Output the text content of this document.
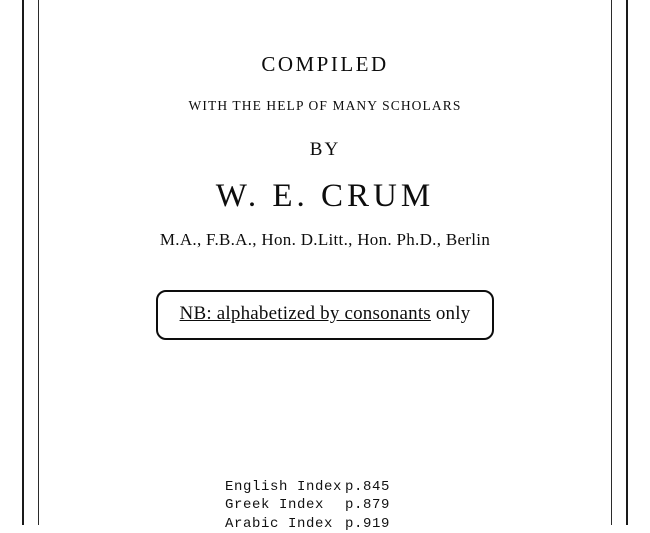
COMPILED
WITH THE HELP OF MANY SCHOLARS
BY
W. E. CRUM
M.A., F.B.A., Hon. D.Litt., Hon. Ph.D., Berlin
NB: alphabetized by consonants only
English Index p.845
Greek Index	p.879
Arabic Index p.919
